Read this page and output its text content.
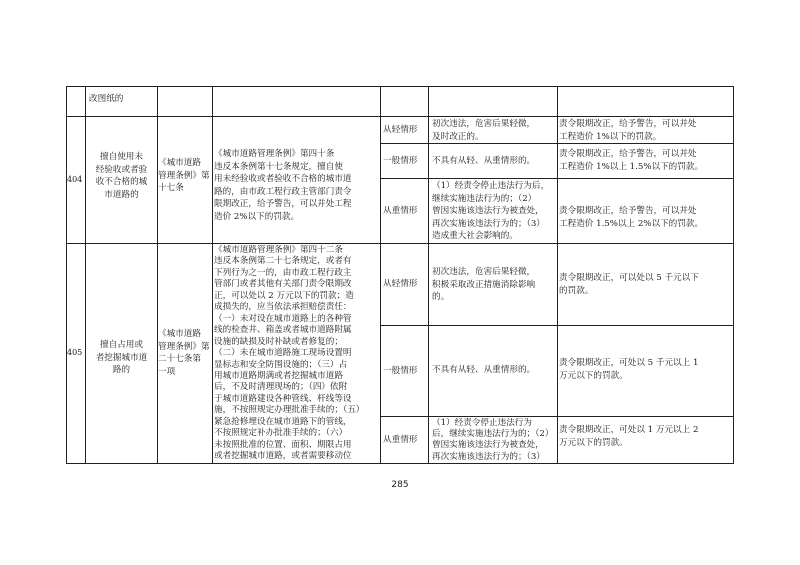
改图纸的
404
擅自使用未
经验收或者验
收不合格的城
市道路的
《城市道路
管理条例》第
十七条
《城市道路管理条例》第四十条
违反本条例第十七条规定，擅自使
用未经验收或者验收不合格的城市道
路的，由市政工程行政主管部门责令
限期改正，给予警告，可以并处工程
造价 2%以下的罚款。
从轻情形
初次违法，危害后果轻微，
及时改正的。
责令限期改正，给予警告，可以并处
工程造价 1%以下的罚款。
一般情形	不具有从轻、从重情形的。
责令限期改正，给予警告，可以并处
工程造价 1%以上 1.5%以下的罚款。
从重情形
（1）经责令停止违法行为后，
继续实施违法行为的；（2）
曾因实施该违法行为被查处，
再次实施该违法行为的；（3）
造成重大社会影响的。
责令限期改正，给予警告，可以并处
工程造价 1.5%以上 2%以下的罚款。
405
擅自占用或
者挖掘城市道
路的
《城市道路
管理条例》第
二十七条第
一项
《城市道路管理条例》第四十二条
违反本条例第二十七条规定，或者有
下列行为之一的，由市政工程行政主
管部门或者其他有关部门责令限期改
正，可以处以 2 万元以下的罚款；造
成损失的，应当依法承担赔偿责任：
（一）未对设在城市道路上的各种管
线的检查井、箱盖或者城市道路附属
设施的缺损及时补缺或者修复的；
（二）未在城市道路施工现场设置明
显标志和安全防围设施的；（三）占
用城市道路期满或者挖掘城市道路
后，不及时清理现场的；（四）依附
于城市道路建设各种管线、杆线等设
施，不按照规定办理批准手续的；（五）
紧急抢修埋设在城市道路下的管线，
不按照规定补办批准手续的；（六）
未按照批准的位置、面积、期限占用
或者挖掘城市道路，或者需要移动位
从轻情形
初次违法，危害后果轻微，
积极采取改正措施消除影响
的。
责令限期改正，可以处以 5 千元以下
的罚款。
一般情形	不具有从轻、从重情形的。
责令限期改正，可处以 5 千元以上 1
万元以下的罚款。
从重情形
（1）经责令停止违法行为
后，继续实施违法行为的；（2）
曾因实施该违法行为被查处，
再次实施该违法行为的；（3）
责令限期改正，可处以 1 万元以上 2
万元以下的罚款。
285
